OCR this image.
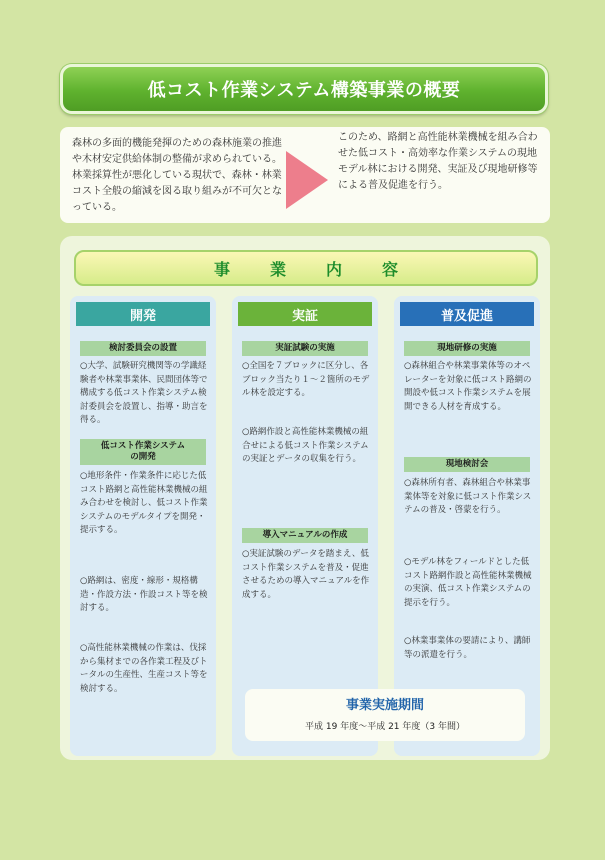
低コスト作業システム構築事業の概要

森林の多面的機能発揮のための森林施業の推進や木材安定供給体制の整備が求められている。林業採算性が悪化している現状で、森林・林業コスト全般の縮減を図る取り組みが不可欠となっている。

このため、路網と高性能林業機械を組み合わせた低コスト・高効率な作業システムの現地モデル林における開発、実証及び現地研修等による普及促進を行う。

事業内容
開発
検討委員会の設置
○大学、試験研究機関等の学識経験者や林業事業体、民間団体等で構成する低コスト作業システム検討委員会を設置し、指導・助言を得る。
低コスト作業システムの開発
○地形条件・作業条件に応じた低コスト路網と高性能林業機械の組み合わせを検討し、低コスト作業システムのモデルタイプを開発・提示する。
○路網は、密度・線形・規格構造・作設方法・作設コスト等を検討する。
○高性能林業機械の作業は、伐採から集材までの各作業工程及びトータルの生産性、生産コスト等を検討する。
実証
実証試験の実施
○全国を７ブロックに区分し、各ブロック当たり１～２箇所のモデル林を設定する。
○路網作設と高性能林業機械の組合せによる低コスト作業システムの実証とデータの収集を行う。
導入マニュアルの作成
○実証試験のデータを踏まえ、低コスト作業システムを普及・促進させるための導入マニュアルを作成する。
普及促進
現地研修の実施
○森林組合や林業事業体等のオペレーターを対象に低コスト路網の開設や低コスト作業システムを展開できる人材を育成する。
現地検討会
○森林所有者、森林組合や林業事業体等を対象に低コスト作業システムの普及・啓蒙を行う。
○モデル林をフィールドとした低コスト路網作設と高性能林業機械の実演、低コスト作業システムの提示を行う。
○林業事業体の要請により、講師等の派遣を行う。
事業実施期間
平成 19 年度～平成 21 年度（3 年間）
